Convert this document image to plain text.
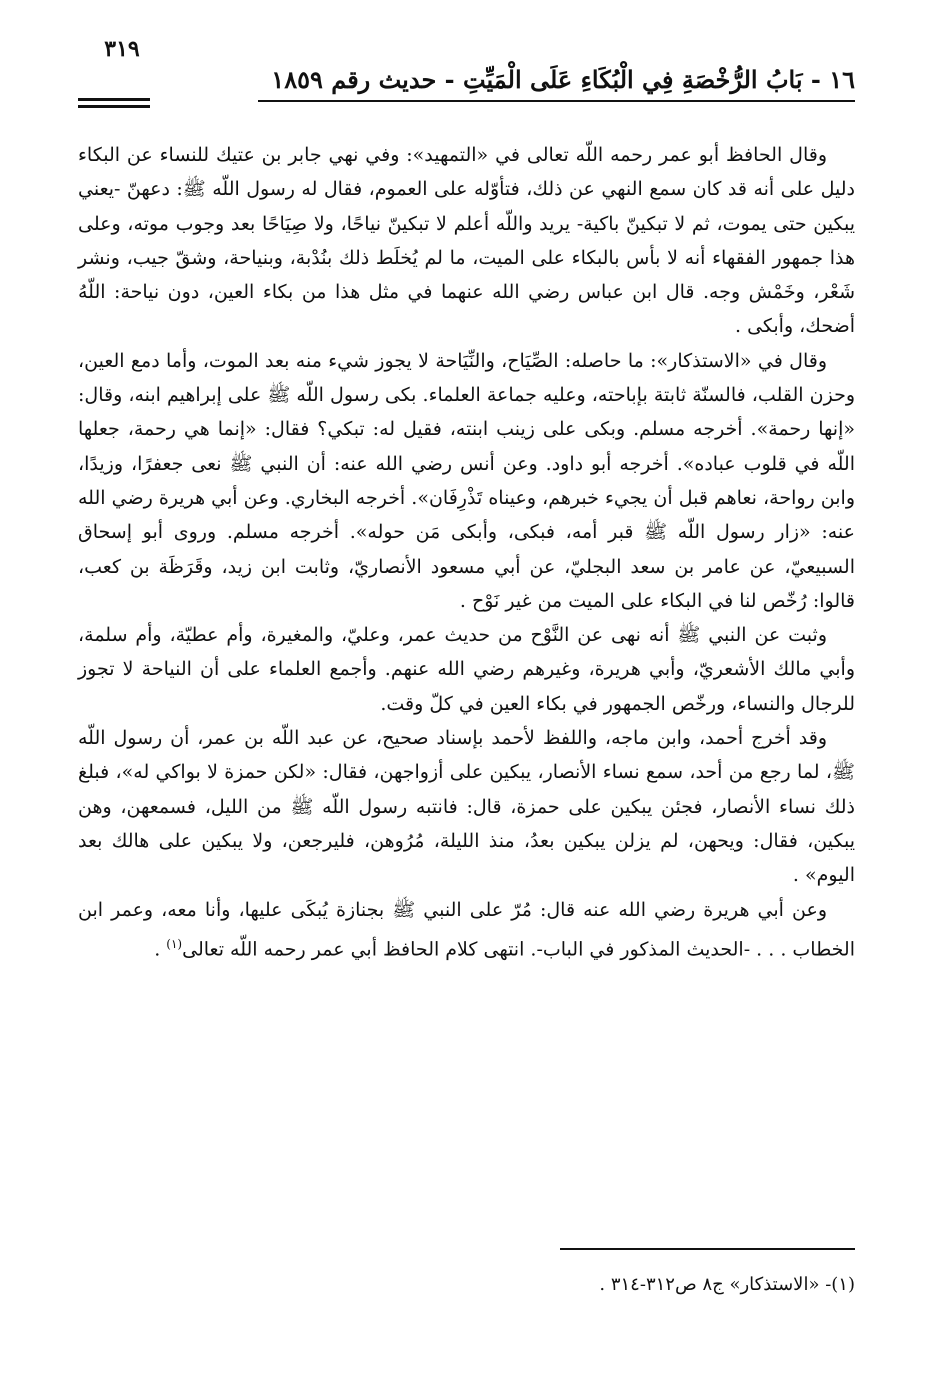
١٦ - بَابُ الرُّخْصَةِ فِي الْبُكَاءِ عَلَى الْمَيِّتِ - حديث رقم ١٨٥٩
٣١٩

وقال الحافظ أبو عمر رحمه اللّه تعالى في «التمهيد»: وفي نهي جابر بن عتيك للنساء عن البكاء دليل على أنه قد كان سمع النهي عن ذلك، فتأوّله على العموم، فقال له رسول اللّه ﷺ: دعهنّ -يعني يبكين حتى يموت، ثم لا تبكينّ باكية- يريد واللّه أعلم لا تبكينّ نياحًا، ولا صِيَاحًا بعد وجوب موته، وعلى هذا جمهور الفقهاء أنه لا بأس بالبكاء على الميت، ما لم يُخلَط ذلك بنُدْبة، وبنياحة، وشقّ جيب، ونشر شَعْر، وخَمْش وجه. قال ابن عباس رضي الله عنهما في مثل هذا من بكاء العين، دون نياحة: اللّهُ أضحك، وأبكى .

وقال في «الاستذكار»: ما حاصله: الصِّيَاح، والنِّيَاحة لا يجوز شيء منه بعد الموت، وأما دمع العين، وحزن القلب، فالسنّة ثابتة بإباحته، وعليه جماعة العلماء. بكى رسول اللّه ﷺ على إبراهيم ابنه، وقال: «إنها رحمة». أخرجه مسلم. وبكى على زينب ابنته، فقيل له: تبكي؟ فقال: «إنما هي رحمة، جعلها اللّه في قلوب عباده». أخرجه أبو داود. وعن أنس رضي الله عنه: أن النبي ﷺ نعى جعفرًا، وزيدًا، وابن رواحة، نعاهم قبل أن يجيء خبرهم، وعيناه تَذْرِفَان». أخرجه البخاري. وعن أبي هريرة رضي الله عنه: «زار رسول اللّه ﷺ قبر أمه، فبكى، وأبكى مَن حوله». أخرجه مسلم. وروى أبو إسحاق السبيعيّ، عن عامر بن سعد البجليّ، عن أبي مسعود الأنصاريّ، وثابت ابن زيد، وقَرَظَة بن كعب، قالوا: رُخّص لنا في البكاء على الميت من غير نَوْح .

وثبت عن النبي ﷺ أنه نهى عن النَّوْح من حديث عمر، وعليّ، والمغيرة، وأم عطيّة، وأم سلمة، وأبي مالك الأشعريّ، وأبي هريرة، وغيرهم رضي الله عنهم. وأجمع العلماء على أن النياحة لا تجوز للرجال والنساء، ورخّص الجمهور في بكاء العين في كلّ وقت.

وقد أخرج أحمد، وابن ماجه، واللفظ لأحمد بإسناد صحيح، عن عبد اللّه بن عمر، أن رسول اللّه ﷺ، لما رجع من أحد، سمع نساء الأنصار، يبكين على أزواجهن، فقال: «لكن حمزة لا بواكي له»، فبلغ ذلك نساء الأنصار، فجئن يبكين على حمزة، قال: فانتبه رسول اللّه ﷺ من الليل، فسمعهن، وهن يبكين، فقال: ويحهن، لم يزلن يبكين بعدُ، منذ الليلة، مُرُوهن، فليرجعن، ولا يبكين على هالك بعد اليوم» .

وعن أبي هريرة رضي الله عنه قال: مُرّ على النبي ﷺ بجنازة يُبكَى عليها، وأنا معه، وعمر ابن الخطاب . . . -الحديث المذكور في الباب-. انتهى كلام الحافظ أبي عمر رحمه اللّه تعالى$^{(١)}$ .

(١)- «الاستذكار» ج٨ ص٣١٢-٣١٤ .
